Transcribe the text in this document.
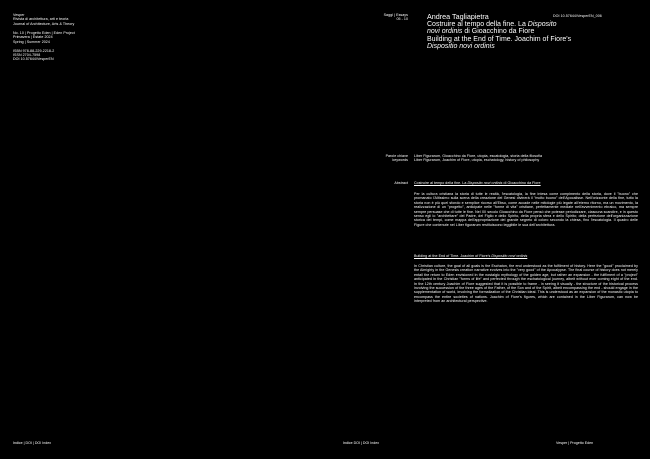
Vesper
Rivista di architettura, arti e teoria
Journal of Architecture, Arts & Theory
No. 10 | Progetto Eden | Eden Project
Primavera | Estate 2024
Spring | Summer 2024
ISBN 978-88-229-2218-2
ISSN 2704-7598
DOI 10.57644/VesperEN
Saggi | Essays
05 - 10	Andrea Tagliapietra
Costruire al tempo della fine. La Disposito
novi ordinis di Gioacchino da Fiore
Building at the End of Time. Joachim of Fiore's
Dispositio novi ordinis
DOI 10.57644/VesperEN_006
Parole chiave
keywords
Liber Figurarum, Gioacchino da Fiore, utopia, escatologia, storia della filosofia
Liber Figurarum, Joachim of Fiore, utopia, eschatology, history of philosophy
Abstract Costruire al tempo della fine. La Disposito novi ordinis di Gioacchino da Fiore
Per la cultura cristiana la storia di tutte le realtà, l'escatologia, la fine intesa come compimento della storia, dove il "buono" che promanato l'Altissimo sulla scena della creazione del Genesi divinerà il "molto buono" dell'Apocalisse. Nell'orizzonte della fine, tutto la storia non è più quel sfondo e semplice ricorso all'Ebso, come accade nelle mitologie più legate all'eterno ritorno, ma un movimento, la realizzazione di un "progetto", anticipate nelle "forme di vita" cristiane, perfettamente mediate nell'avvenimento ebraico, ma sempre sempre persuase che di tutte le fine. Nel XII secolo Gioacchino da Fiore pensò che potesse periodizzare, ciascuna scandire, e in questo senso egli lo "architettare" del Padre, del Figlio e dello Spirito, della propria sfera e dello Spirito; della perfezione dell'organizzazione storica dei tempi, come mappa dell'appropriazione del grande segreto di coloro secondo la chiesa, fino l'escatologia. Il quadro delle Figure che contenute nel Liber figurarum restituiscono leggibile le sua dell'architettura.
Building at the End of Time. Joachim of Fiore's Dispositio novi ordinis
In Christian culture, the goal of all goals is the Eschaton, the end understood as the fulfilment of history. Here the "good" proclaimed by the Almighty in the Genesis creation narrative evolves into the "very good" of the Apocalypse. The final course of history does not merely entail the return to Eden envisioned in the nostalgic mythology of the golden age, but rather an expansion - the fulfilment of a "project" anticipated in the Christian "forms of life" and perfected through the eschatological journey, albeit without ever coming eight of the end. In the 12th century Joachim of Fiore suggested that it is possible to frame - in seeing it visually - the structure of the historical process involving the succession of the three ages of the Father, of the Son and of the Spirit, albeit encompassing the end - should engage in the supplementation of world, involving the formalization of the Christian ideal. This is understood as an expansion of the monastic utopia to encompass the entire societies of nations. Joachim of Fiore's figures, which are contained in the Liber Figurarum, can now be interpreted from an architectural perspective.
Indice | DOI | DOI Index	Indice DOI | DOI Index	Vesper | Progetto Eden
